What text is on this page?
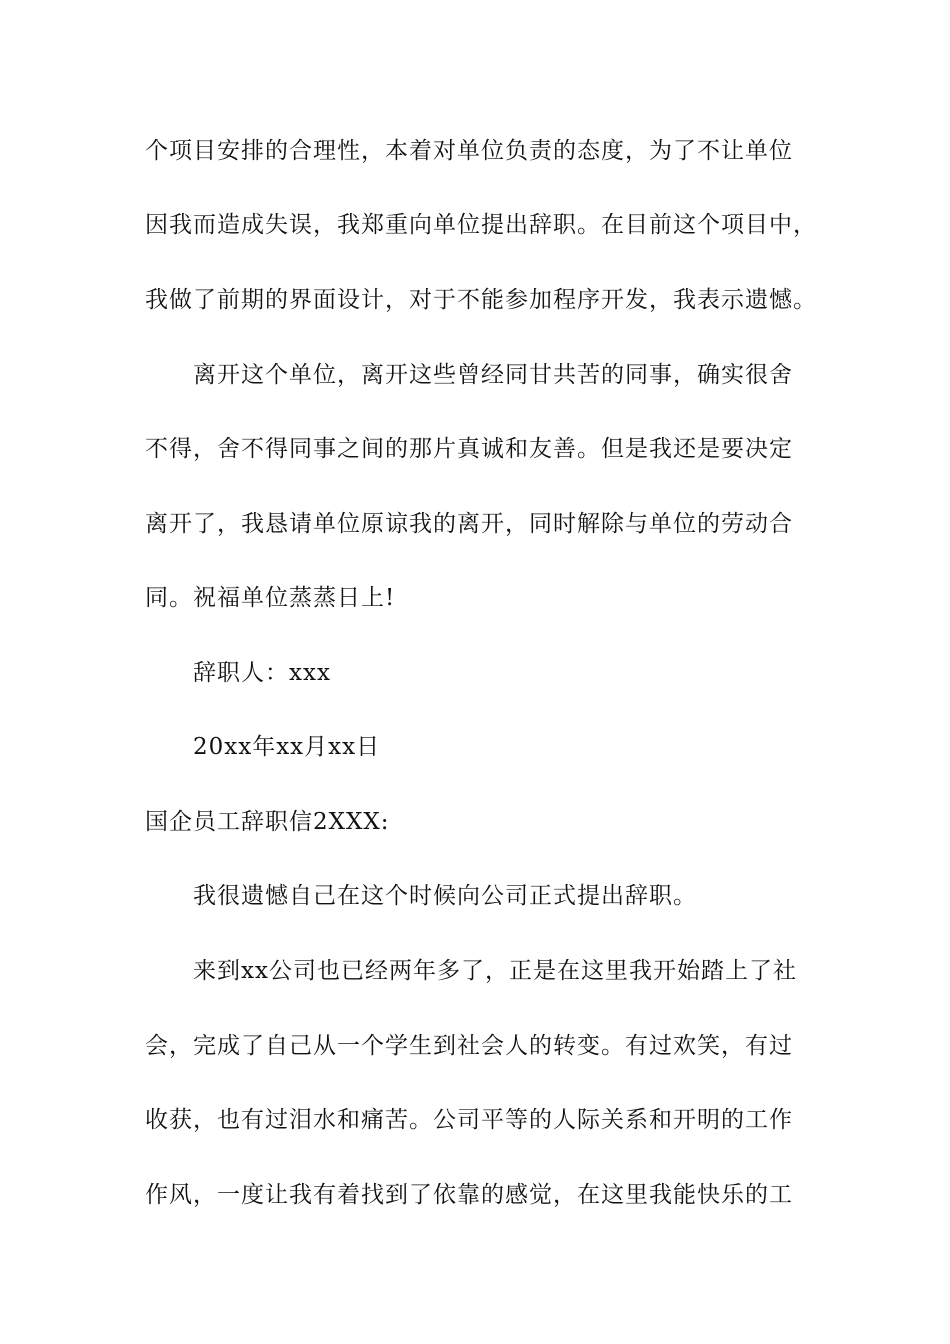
个项目安排的合理性，本着对单位负责的态度，为了不让单位
因我而造成失误，我郑重向单位提出辞职。在目前这个项目中，
我做了前期的界面设计，对于不能参加程序开发，我表示遗憾。
离开这个单位，离开这些曾经同甘共苦的同事，确实很舍
不得，舍不得同事之间的那片真诚和友善。但是我还是要决定
离开了，我恳请单位原谅我的离开，同时解除与单位的劳动合
同。祝福单位蒸蒸日上!
辞职人：xxx
20xx年xx月xx日
国企员工辞职信2XXX:
我很遗憾自己在这个时候向公司正式提出辞职。
来到xx公司也已经两年多了，正是在这里我开始踏上了社
会，完成了自己从一个学生到社会人的转变。有过欢笑，有过
收获，也有过泪水和痛苦。公司平等的人际关系和开明的工作
作风，一度让我有着找到了依靠的感觉，在这里我能快乐的工
